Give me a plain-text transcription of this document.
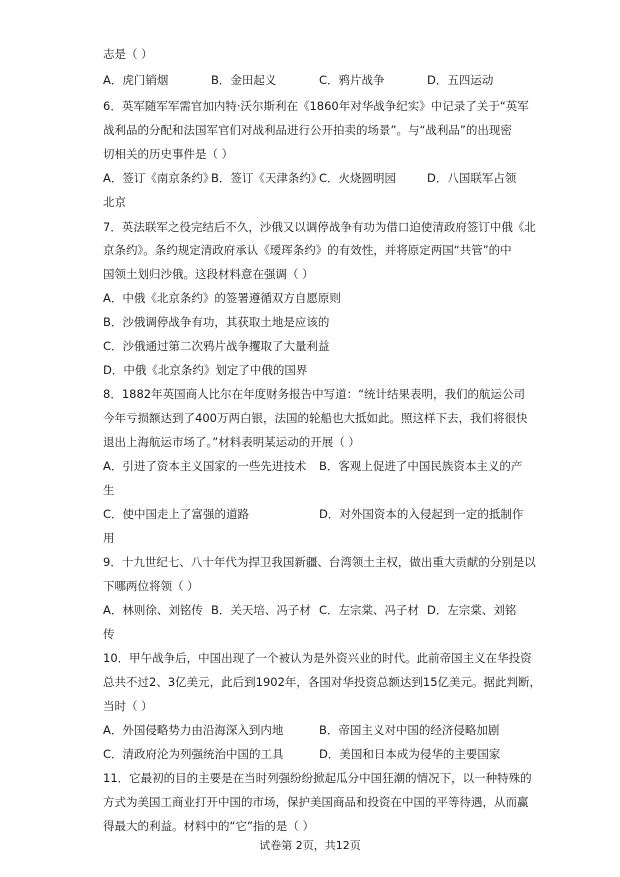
志是（ ）
A．虎门销烟	B．金田起义	C．鸦片战争	D．五四运动
6．英军随军军需官加内特·沃尔斯利在《1860年对华战争纪实》中记录了关于“英军
战利品的分配和法国军官们对战利品进行公开拍卖的场景”。与“战利品”的出现密
切相关的历史事件是（ ）
A．签订《南京条约》
B．签订《天津条约》
C．火烧圆明园	D．八国联军占领
北京
7．英法联军之役完结后不久，沙俄又以调停战争有功为借口迫使清政府签订中俄《北
京条约》。条约规定清政府承认《瑷珲条约》的有效性，并将原定两国“共管”的中
国领土划归沙俄。这段材料意在强调（ ）
A．中俄《北京条约》的签署遵循双方自愿原则
B．沙俄调停战争有功，其获取土地是应该的
C．沙俄通过第二次鸦片战争攫取了大量利益
D．中俄《北京条约》划定了中俄的国界
8．1882年英国商人比尔在年度财务报告中写道：“统计结果表明，我们的航运公司
今年亏损额达到了400万两白银，法国的轮船也大抵如此。照这样下去，我们将很快
退出上海航运市场了。”材料表明某运动的开展（ ）
A．引进了资本主义国家的一些先进技术 B．客观上促进了中国民族资本主义的产
生
C．使中国走上了富强的道路	D．对外国资本的入侵起到一定的抵制作
用
9．十九世纪七、八十年代为捍卫我国新疆、台湾领土主权，做出重大贡献的分别是以
下哪两位将领（ ）
A．林则徐、刘铭传 B．关天培、冯子材 C．左宗棠、冯子材 D．左宗棠、刘铭
传
10．甲午战争后，中国出现了一个被认为是外资兴业的时代。此前帝国主义在华投资
总共不过2、3亿美元，此后到1902年，各国对华投资总额达到15亿美元。据此判断，
当时（ ）
A．外国侵略势力由沿海深入到内地	B．帝国主义对中国的经济侵略加剧
C．清政府沦为列强统治中国的工具	D．美国和日本成为侵华的主要国家
11．它最初的目的主要是在当时列强纷纷掀起瓜分中国狂潮的情况下，以一种特殊的
方式为美国工商业打开中国的市场，保护美国商品和投资在中国的平等待遇，从而赢
得最大的利益。材料中的“它”指的是（ ）
试卷第 2页，共12页
